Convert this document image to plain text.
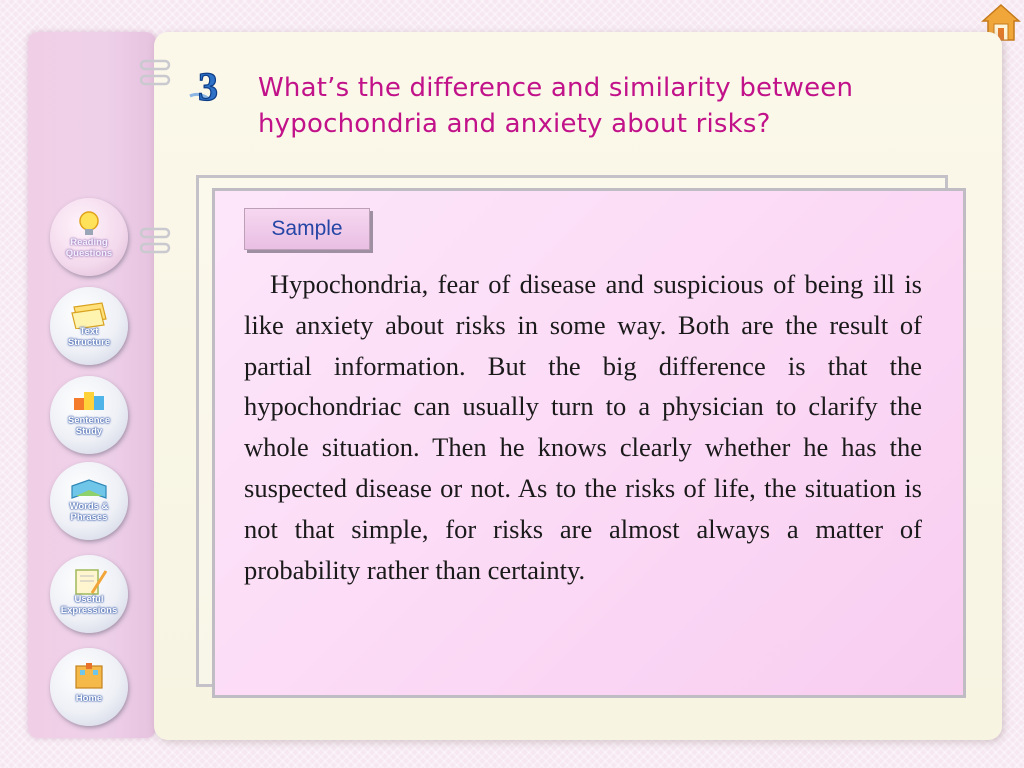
Reading
Questions
Text
Structure
Sentence
Study
Words &
Phrases
Useful
Expressions
Home
3 What’s the difference and similarity between hypochondria and anxiety about risks?
Sample
Hypochondria, fear of disease and suspicious of being ill is like anxiety about risks in some way. Both are the result of partial information. But the big difference is that the hypochondriac can usually turn to a physician to clarify the whole situation. Then he knows clearly whether he has the suspected disease or not. As to the risks of life, the situation is not that simple, for risks are almost always a matter of probability rather than certainty.
